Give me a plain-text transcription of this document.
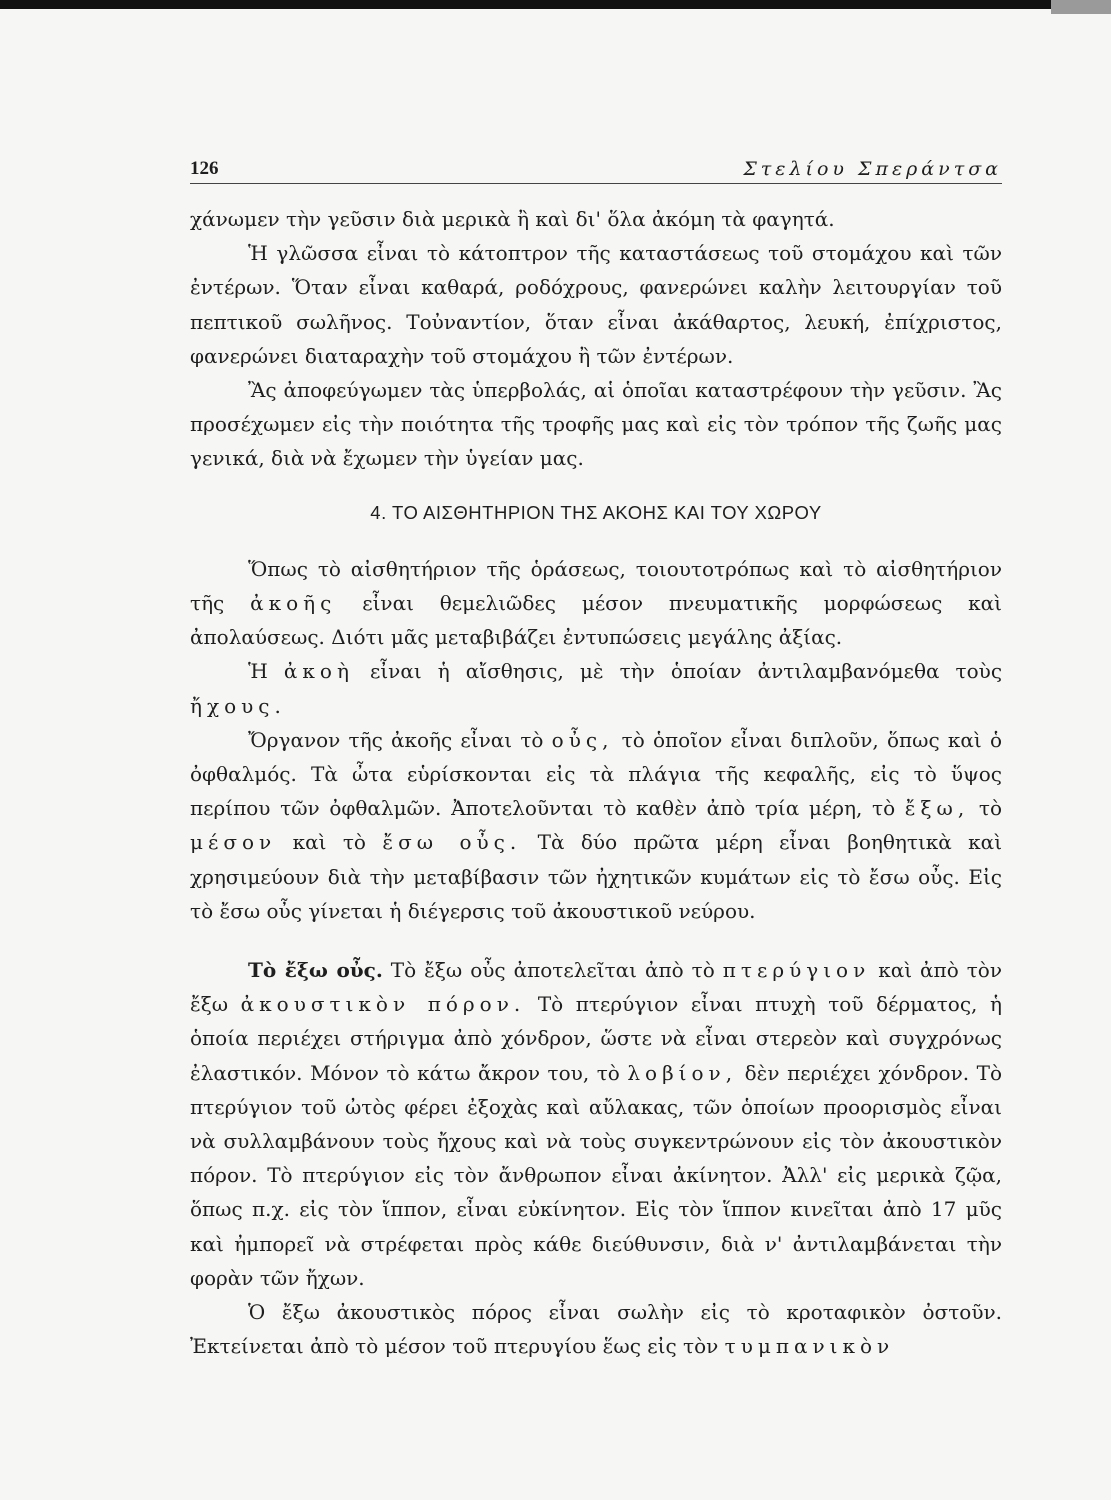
126	Στελίου Σπεράντσα

χάνωμεν τὴν γεῦσιν διὰ μερικὰ ἢ καὶ δι' ὅλα ἀκόμη τὰ φαγητά.

Ἡ γλῶσσα εἶναι τὸ κάτοπτρον τῆς καταστάσεως τοῦ στομάχου καὶ τῶν ἐντέρων. Ὅταν εἶναι καθαρά, ροδόχρους, φανερώνει καλὴν λειτουργίαν τοῦ πεπτικοῦ σωλῆνος. Τοὐναντίον, ὅταν εἶναι ἀκάθαρτος, λευκή, ἐπίχριστος, φανερώνει διαταραχὴν τοῦ στομάχου ἢ τῶν ἐντέρων.

Ἂς ἀποφεύγωμεν τὰς ὑπερβολάς, αἱ ὁποῖαι καταστρέφουν τὴν γεῦσιν. Ἂς προσέχωμεν εἰς τὴν ποιότητα τῆς τροφῆς μας καὶ εἰς τὸν τρόπον τῆς ζωῆς μας γενικά, διὰ νὰ ἔχωμεν τὴν ὑγείαν μας.

4. ΤΟ ΑΙΣΘΗΤΗΡΙΟΝ ΤΗΣ ΑΚΟΗΣ ΚΑΙ ΤΟΥ ΧΩΡΟΥ

Ὅπως τὸ αἰσθητήριον τῆς ὁράσεως, τοιουτοτρόπως καὶ τὸ αἰσθητήριον τῆς ἀκοῆς εἶναι θεμελιῶδες μέσον πνευματικῆς μορφώσεως καὶ ἀπολαύσεως. Διότι μᾶς μεταβιβάζει ἐντυπώσεις μεγάλης ἀξίας.

Ἡ ἀκοὴ εἶναι ἡ αἴσθησις, μὲ τὴν ὁποίαν ἀντιλαμβανόμεθα τοὺς ἤχους.

Ὄργανον τῆς ἀκοῆς εἶναι τὸ οὖς, τὸ ὁποῖον εἶναι διπλοῦν, ὅπως καὶ ὁ ὀφθαλμός. Τὰ ὦτα εὑρίσκονται εἰς τὰ πλάγια τῆς κεφαλῆς, εἰς τὸ ὕψος περίπου τῶν ὀφθαλμῶν. Ἀποτελοῦνται τὸ καθὲν ἀπὸ τρία μέρη, τὸ ἔξω, τὸ μέσον καὶ τὸ ἔσω οὖς. Τὰ δύο πρῶτα μέρη εἶναι βοηθητικὰ καὶ χρησιμεύουν διὰ τὴν μεταβίβασιν τῶν ἠχητικῶν κυμάτων εἰς τὸ ἔσω οὖς. Εἰς τὸ ἔσω οὖς γίνεται ἡ διέγερσις τοῦ ἀκουστικοῦ νεύρου.

Τὸ ἔξω οὖς. Τὸ ἔξω οὖς ἀποτελεῖται ἀπὸ τὸ πτερύγιον καὶ ἀπὸ τὸν ἔξω ἀκουστικὸν πόρον. Τὸ πτερύγιον εἶναι πτυχὴ τοῦ δέρματος, ἡ ὁποία περιέχει στήριγμα ἀπὸ χόνδρον, ὥστε νὰ εἶναι στερεὸν καὶ συγχρόνως ἐλαστικόν. Μόνον τὸ κάτω ἄκρον του, τὸ λοβίον, δὲν περιέχει χόνδρον. Τὸ πτερύγιον τοῦ ὠτὸς φέρει ἐξοχὰς καὶ αὔλακας, τῶν ὁποίων προορισμὸς εἶναι νὰ συλλαμβάνουν τοὺς ἤχους καὶ νὰ τοὺς συγκεντρώνουν εἰς τὸν ἀκουστικὸν πόρον. Τὸ πτερύγιον εἰς τὸν ἄνθρωπον εἶναι ἀκίνητον. Ἀλλ' εἰς μερικὰ ζῷα, ὅπως π.χ. εἰς τὸν ἵππον, εἶναι εὐκίνητον. Εἰς τὸν ἵππον κινεῖται ἀπὸ 17 μῦς καὶ ἠμπορεῖ νὰ στρέφεται πρὸς κάθε διεύθυνσιν, διὰ ν' ἀντιλαμβάνεται τὴν φορὰν τῶν ἤχων.

Ὁ ἔξω ἀκουστικὸς πόρος εἶναι σωλὴν εἰς τὸ κροταφικὸν ὀστοῦν. Ἐκτείνεται ἀπὸ τὸ μέσον τοῦ πτερυγίου ἕως εἰς τὸν τυμπανικὸν
